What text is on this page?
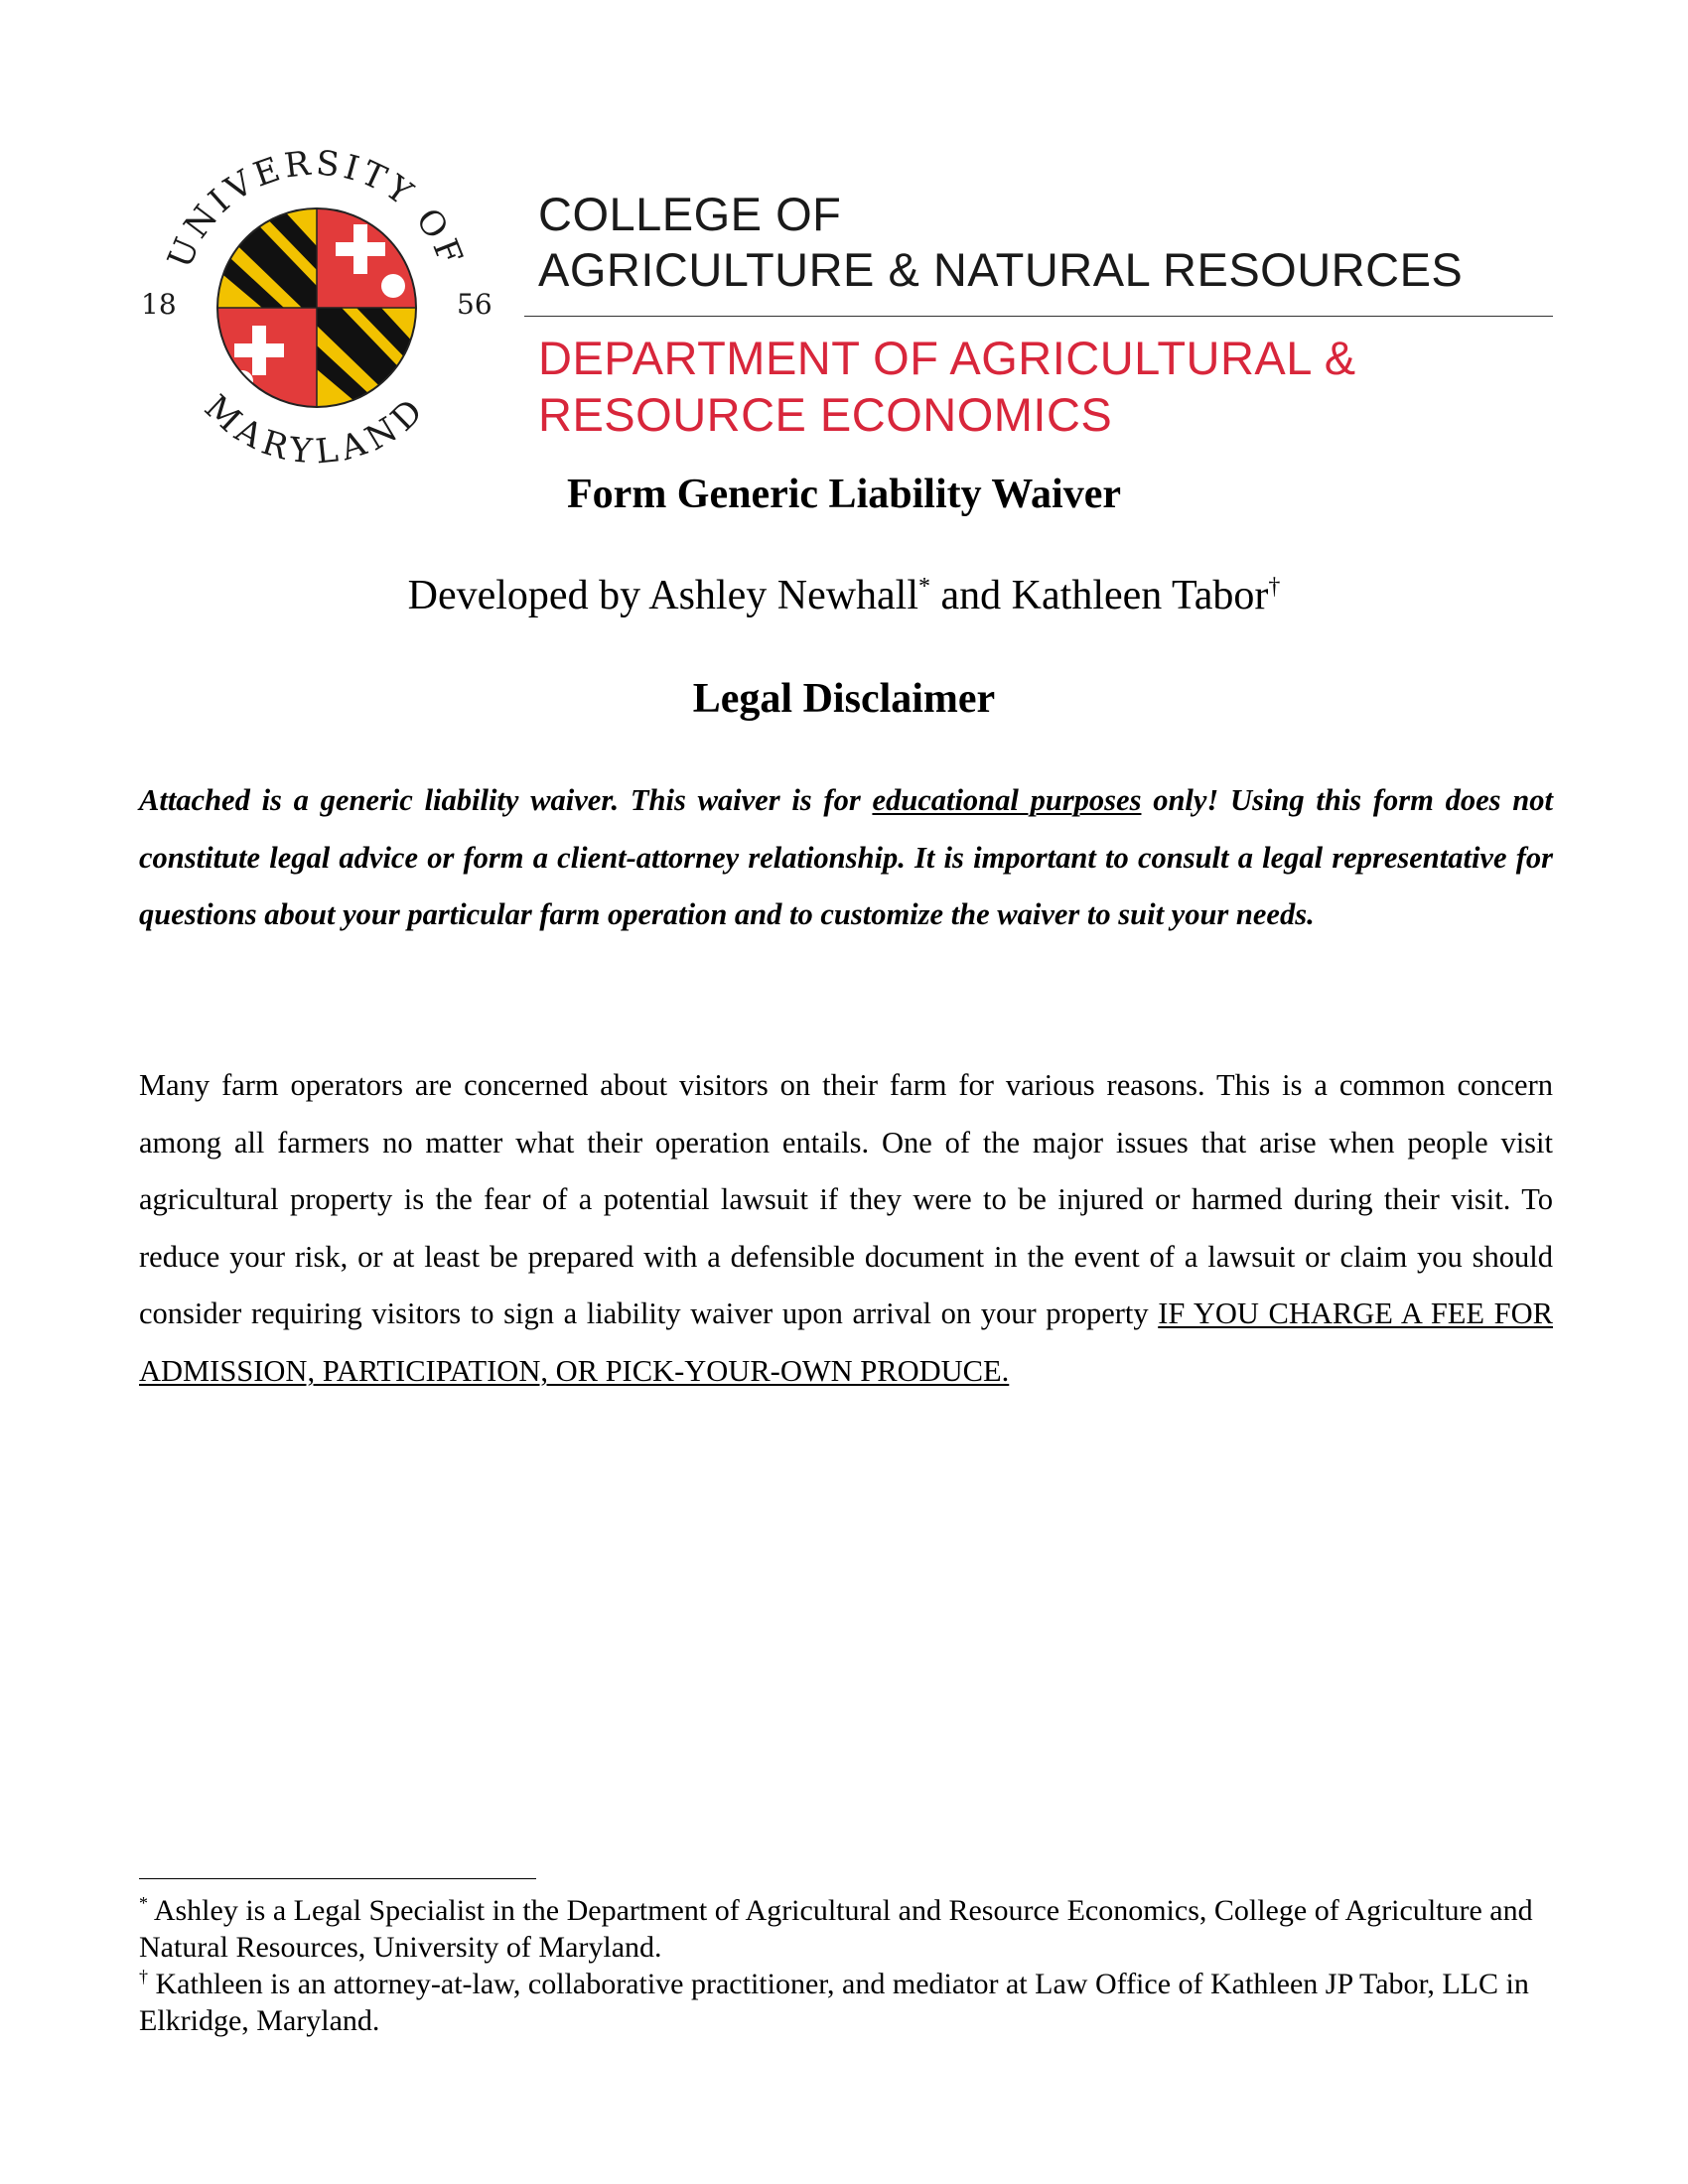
UNIVERSITY OF
MARYLAND
18	56
COLLEGE OF
AGRICULTURE & NATURAL RESOURCES
DEPARTMENT OF AGRICULTURAL &
RESOURCE ECONOMICS
Form Generic Liability Waiver
Developed by Ashley Newhall* and Kathleen Tabor†
Legal Disclaimer

Attached is a generic liability waiver. This waiver is for educational purposes only! Using this form does not constitute legal advice or form a client-attorney relationship. It is important to consult a legal representative for questions about your particular farm operation and to customize the waiver to suit your needs.

Many farm operators are concerned about visitors on their farm for various reasons. This is a common concern among all farmers no matter what their operation entails. One of the major issues that arise when people visit agricultural property is the fear of a potential lawsuit if they were to be injured or harmed during their visit. To reduce your risk, or at least be prepared with a defensible document in the event of a lawsuit or claim you should consider requiring visitors to sign a liability waiver upon arrival on your property IF YOU CHARGE A FEE FOR ADMISSION, PARTICIPATION, OR PICK-YOUR-OWN PRODUCE.

* Ashley is a Legal Specialist in the Department of Agricultural and Resource Economics, College of Agriculture and Natural Resources, University of Maryland.

† Kathleen is an attorney-at-law, collaborative practitioner, and mediator at Law Office of Kathleen JP Tabor, LLC in Elkridge, Maryland.
